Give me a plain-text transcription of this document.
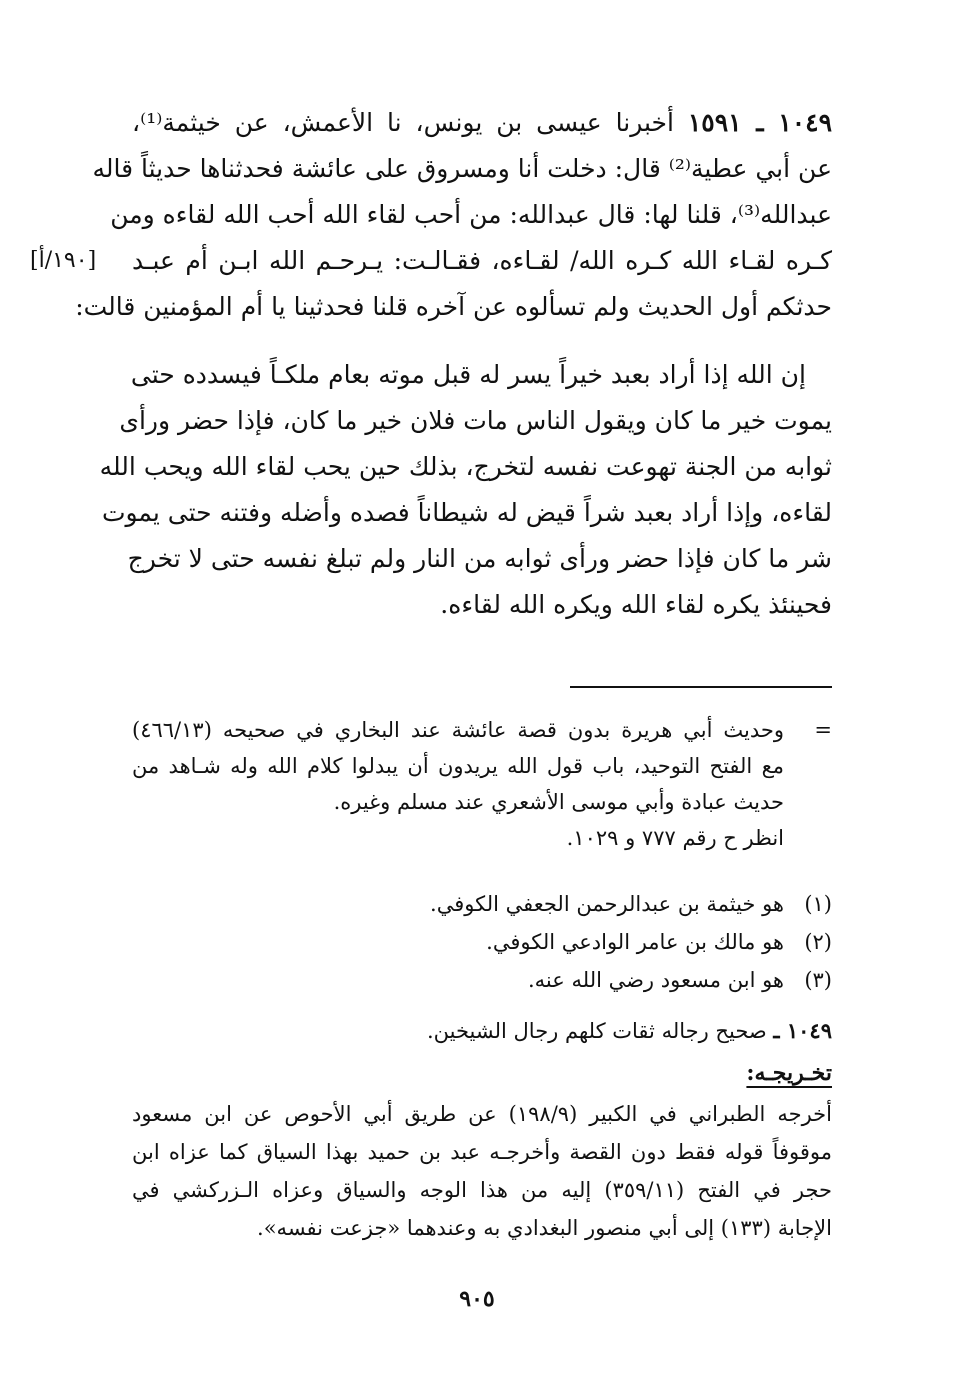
١٠٤٩ ـ ١٥٩١ أخبرنا عيسى بن يونس، نا الأعمش، عن خيثمة⁽¹⁾،
عن أبي عطية⁽²⁾ قال: دخلت أنا ومسروق على عائشة فحدثناها حديثاً قاله
عبدالله⁽³⁾، قلنا لها: قال عبدالله: من أحب لقاء الله أحب الله لقاءه ومن
كـره لقـاء الله كـره الله/ لقـاءه، فقـالـت: يـرحـم الله ابـن أم عبـد
حدثكم أول الحديث ولم تسألوه عن آخره قلنا فحدثينا يا أم المؤمنين قالت:
[١٩٠/أ]
إن الله إذا أراد بعبد خيراً يسر له قبل موته بعام ملكـاً فيسدده حتى
يموت خير ما كان ويقول الناس مات فلان خير ما كان، فإذا حضر ورأى
ثوابه من الجنة تهوعت نفسه لتخرج، بذلك حين يحب لقاء الله ويحب الله
لقاءه، وإذا أراد بعبد شراً قيض له شيطاناً فصده وأضله وفتنه حتى يموت
شر ما كان فإذا حضر ورأى ثوابه من النار ولم تبلغ نفسه حتى لا تخرج
فحينئذ يكره لقاء الله ويكره الله لقاءه.
=
وحديث أبي هريرة بدون قصة عائشة عند البخاري في صحيحه (٤٦٦/١٣)
مع الفتح التوحيد، باب قول الله يريدون أن يبدلوا كلام الله وله شـاهد من
حديث عبادة وأبي موسى الأشعري عند مسلم وغيره.
انظر ح رقم ٧٧٧ و ١٠٢٩.
(١)
هو خيثمة بن عبدالرحمن الجعفي الكوفي.
(٢)
هو مالك بن عامر الوادعي الكوفي.
(٣)
هو ابن مسعود رضي الله عنه.
١٠٤٩ ـ صحيح رجاله ثقات كلهم رجال الشيخين.
تخـريجـه:
أخرجه الطبراني في الكبير (١٩٨/٩) عن طريق أبي الأحوص عن ابن مسعود
موقوفاً قوله فقط دون القصة وأخرجـه عبد بن حميد بهذا السياق كما عزاه ابن
حجر في الفتح (٣٥٩/١١) إليه من هذا الوجه والسياق وعزاه الـزركشي في
الإجابة (١٣٣) إلى أبي منصور البغدادي به وعندهما «جزعت نفسه».
٩٠٥
